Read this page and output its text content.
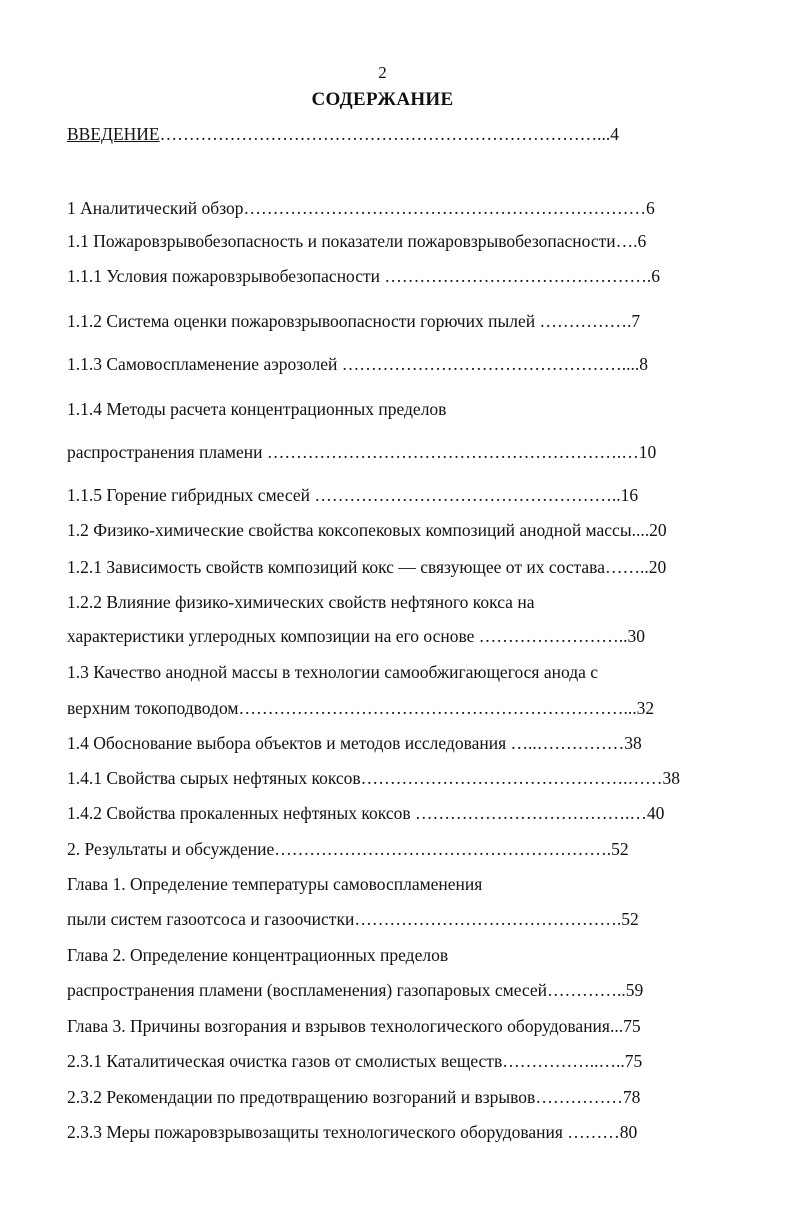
2
СОДЕРЖАНИЕ
ВВЕДЕНИЕ…………………………………………………………………...4
1 Аналитический обзор……………………………………………………………6
1.1 Пожаровзрывобезопасность и показатели пожаровзрывобезопасности….6
1.1.1 Условия пожаровзрывобезопасности ……………………………………….6
1.1.2 Система оценки пожаровзрывоопасности горючих пылей …………….7
1.1.3 Самовоспламенение аэрозолей …………………………………………....8
1.1.4 Методы расчета концентрационных пределов
распространения пламени …………………………………………………….…10
1.1.5 Горение гибридных смесей ……………………………………………..16
1.2 Физико-химические свойства коксопековых композиций анодной массы....20
1.2.1 Зависимость свойств композиций кокс — связующее от их состава……..20
1.2.2 Влияние физико-химических свойств нефтяного кокса на
характеристики углеродных композиции на его основе ……………………..30
1.3 Качество анодной массы в технологии самообжигающегося анода с
верхним токоподводом…………………………………………………………...32
1.4 Обоснование выбора объектов и методов исследования …..……………38
1.4.1 Свойства сырых нефтяных коксов……………………………………….……38
1.4.2 Свойства прокаленных нефтяных коксов ……………………………….…40
2. Результаты и обсуждение………………………………………………….52
Глава 1. Определение температуры самовоспламенения
пыли систем газоотсоса и газоочистки……………………………………….52
Глава 2. Определение концентрационных пределов
распространения пламени (воспламенения) газопаровых смесей…………..59
Глава 3. Причины возгорания и взрывов технологического оборудования...75
2.3.1 Каталитическая очистка газов от смолистых веществ……………..…..75
2.3.2 Рекомендации по предотвращению возгораний и взрывов……………78
2.3.3 Меры пожаровзрывозащиты технологического оборудования ………80
